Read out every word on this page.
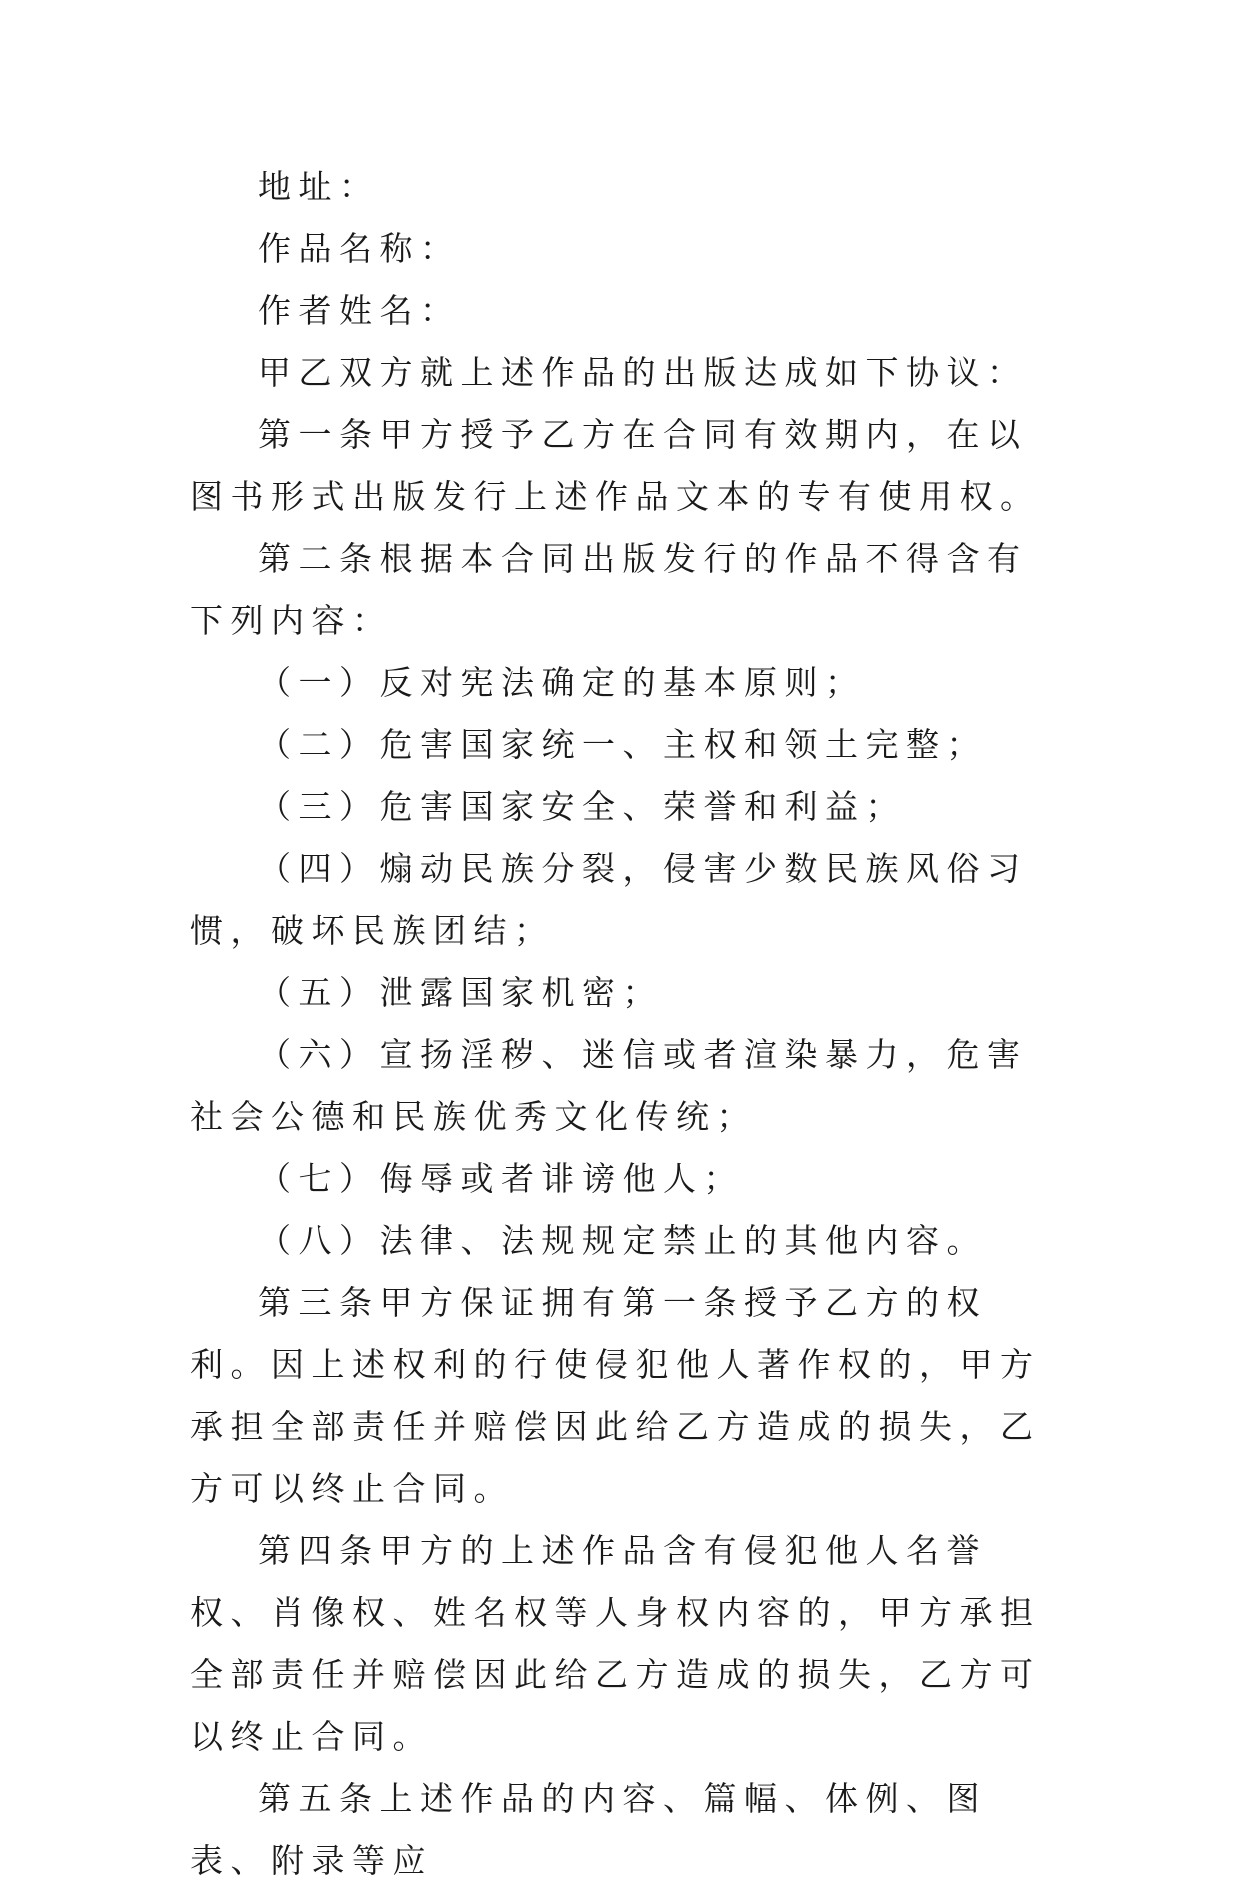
地址：

作品名称：

作者姓名：

甲乙双方就上述作品的出版达成如下协议：

第一条甲方授予乙方在合同有效期内，在以图书形式出版发行上述作品文本的专有使用权。

第二条根据本合同出版发行的作品不得含有下列内容：

（一）反对宪法确定的基本原则；

（二）危害国家统一、主权和领土完整；

（三）危害国家安全、荣誉和利益；

（四）煽动民族分裂，侵害少数民族风俗习惯，破坏民族团结；

（五）泄露国家机密；

（六）宣扬淫秽、迷信或者渲染暴力，危害社会公德和民族优秀文化传统；

（七）侮辱或者诽谤他人；

（八）法律、法规规定禁止的其他内容。

第三条甲方保证拥有第一条授予乙方的权利。因上述权利的行使侵犯他人著作权的，甲方承担全部责任并赔偿因此给乙方造成的损失，乙方可以终止合同。

第四条甲方的上述作品含有侵犯他人名誉权、肖像权、姓名权等人身权内容的，甲方承担全部责任并赔偿因此给乙方造成的损失，乙方可以终止合同。

第五条上述作品的内容、篇幅、体例、图表、附录等应
